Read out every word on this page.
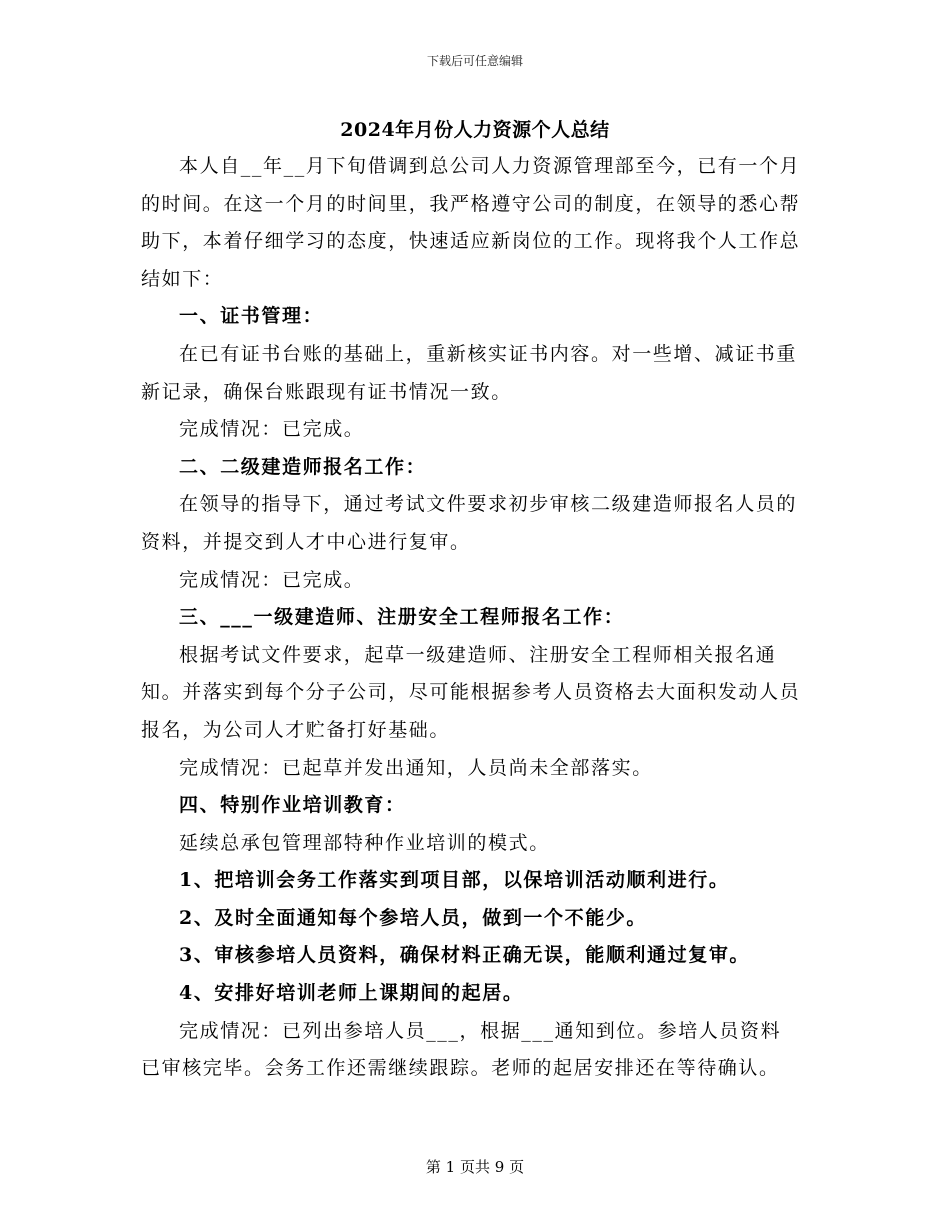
下载后可任意编辑
2024年月份人力资源个人总结

本人自__年__月下旬借调到总公司人力资源管理部至今，已有一个月的时间。在这一个月的时间里，我严格遵守公司的制度，在领导的悉心帮助下，本着仔细学习的态度，快速适应新岗位的工作。现将我个人工作总结如下：

一、证书管理：

在已有证书台账的基础上，重新核实证书内容。对一些增、减证书重新记录，确保台账跟现有证书情况一致。

完成情况：已完成。

二、二级建造师报名工作：

在领导的指导下，通过考试文件要求初步审核二级建造师报名人员的资料，并提交到人才中心进行复审。

完成情况：已完成。

三、___一级建造师、注册安全工程师报名工作：

根据考试文件要求，起草一级建造师、注册安全工程师相关报名通知。并落实到每个分子公司，尽可能根据参考人员资格去大面积发动人员报名，为公司人才贮备打好基础。

完成情况：已起草并发出通知，人员尚未全部落实。

四、特别作业培训教育：

延续总承包管理部特种作业培训的模式。

1、把培训会务工作落实到项目部，以保培训活动顺利进行。

2、及时全面通知每个参培人员，做到一个不能少。

3、审核参培人员资料，确保材料正确无误，能顺利通过复审。

4、安排好培训老师上课期间的起居。

完成情况：已列出参培人员___，根据___通知到位。参培人员资料已审核完毕。会务工作还需继续跟踪。老师的起居安排还在等待确认。

第 1 页共 9 页
